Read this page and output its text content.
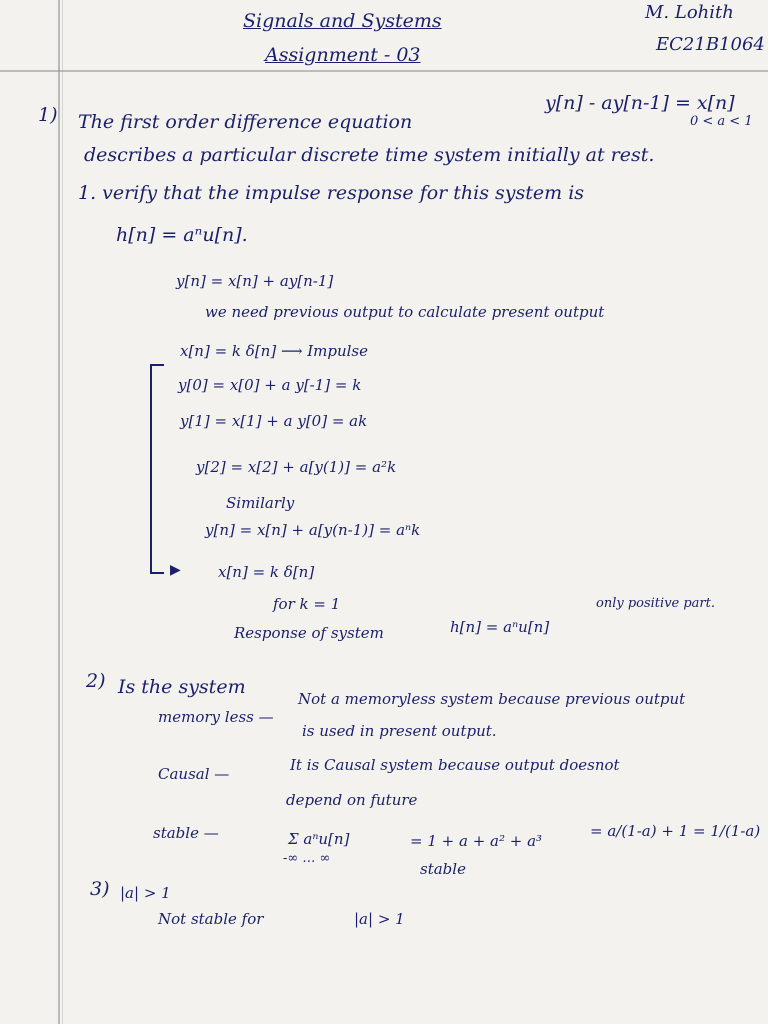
Signals and Systems
Assignment - 03
M. Lohith
EC21B1064
1) The first order difference equation
y[n] - ay[n-1] = x[n]
0 < a < 1
describes a particular discrete time system initially at rest.
1. verify that the impulse response for this system is
h[n] = aⁿu[n].
y[n] = x[n] + ay[n-1]
we need previous output to calculate present output
x[n] = k δ[n] ⟶ Impulse
y[0] = x[0] + a y[-1] = k
y[1] = x[1] + a y[0] = ak
y[2] = x[2] + a[y(1)] = a²k
Similarly
y[n] = x[n] + a[y(n-1)] = aⁿk
▶ x[n] = k δ[n]
for k = 1
Response of system	h[n] = aⁿu[n]
only positive part.
2) Is the system
memory less —
Not a memoryless system because previous output
is used in present output.
Causal —	It is Causal system because output doesnot
depend on future
stable —	Σ aⁿu[n]
-∞ … ∞
= 1 + a + a² + a³
= a/(1-a) + 1 = 1/(1-a)
stable
3) |a| > 1
Not stable for	|a| > 1
